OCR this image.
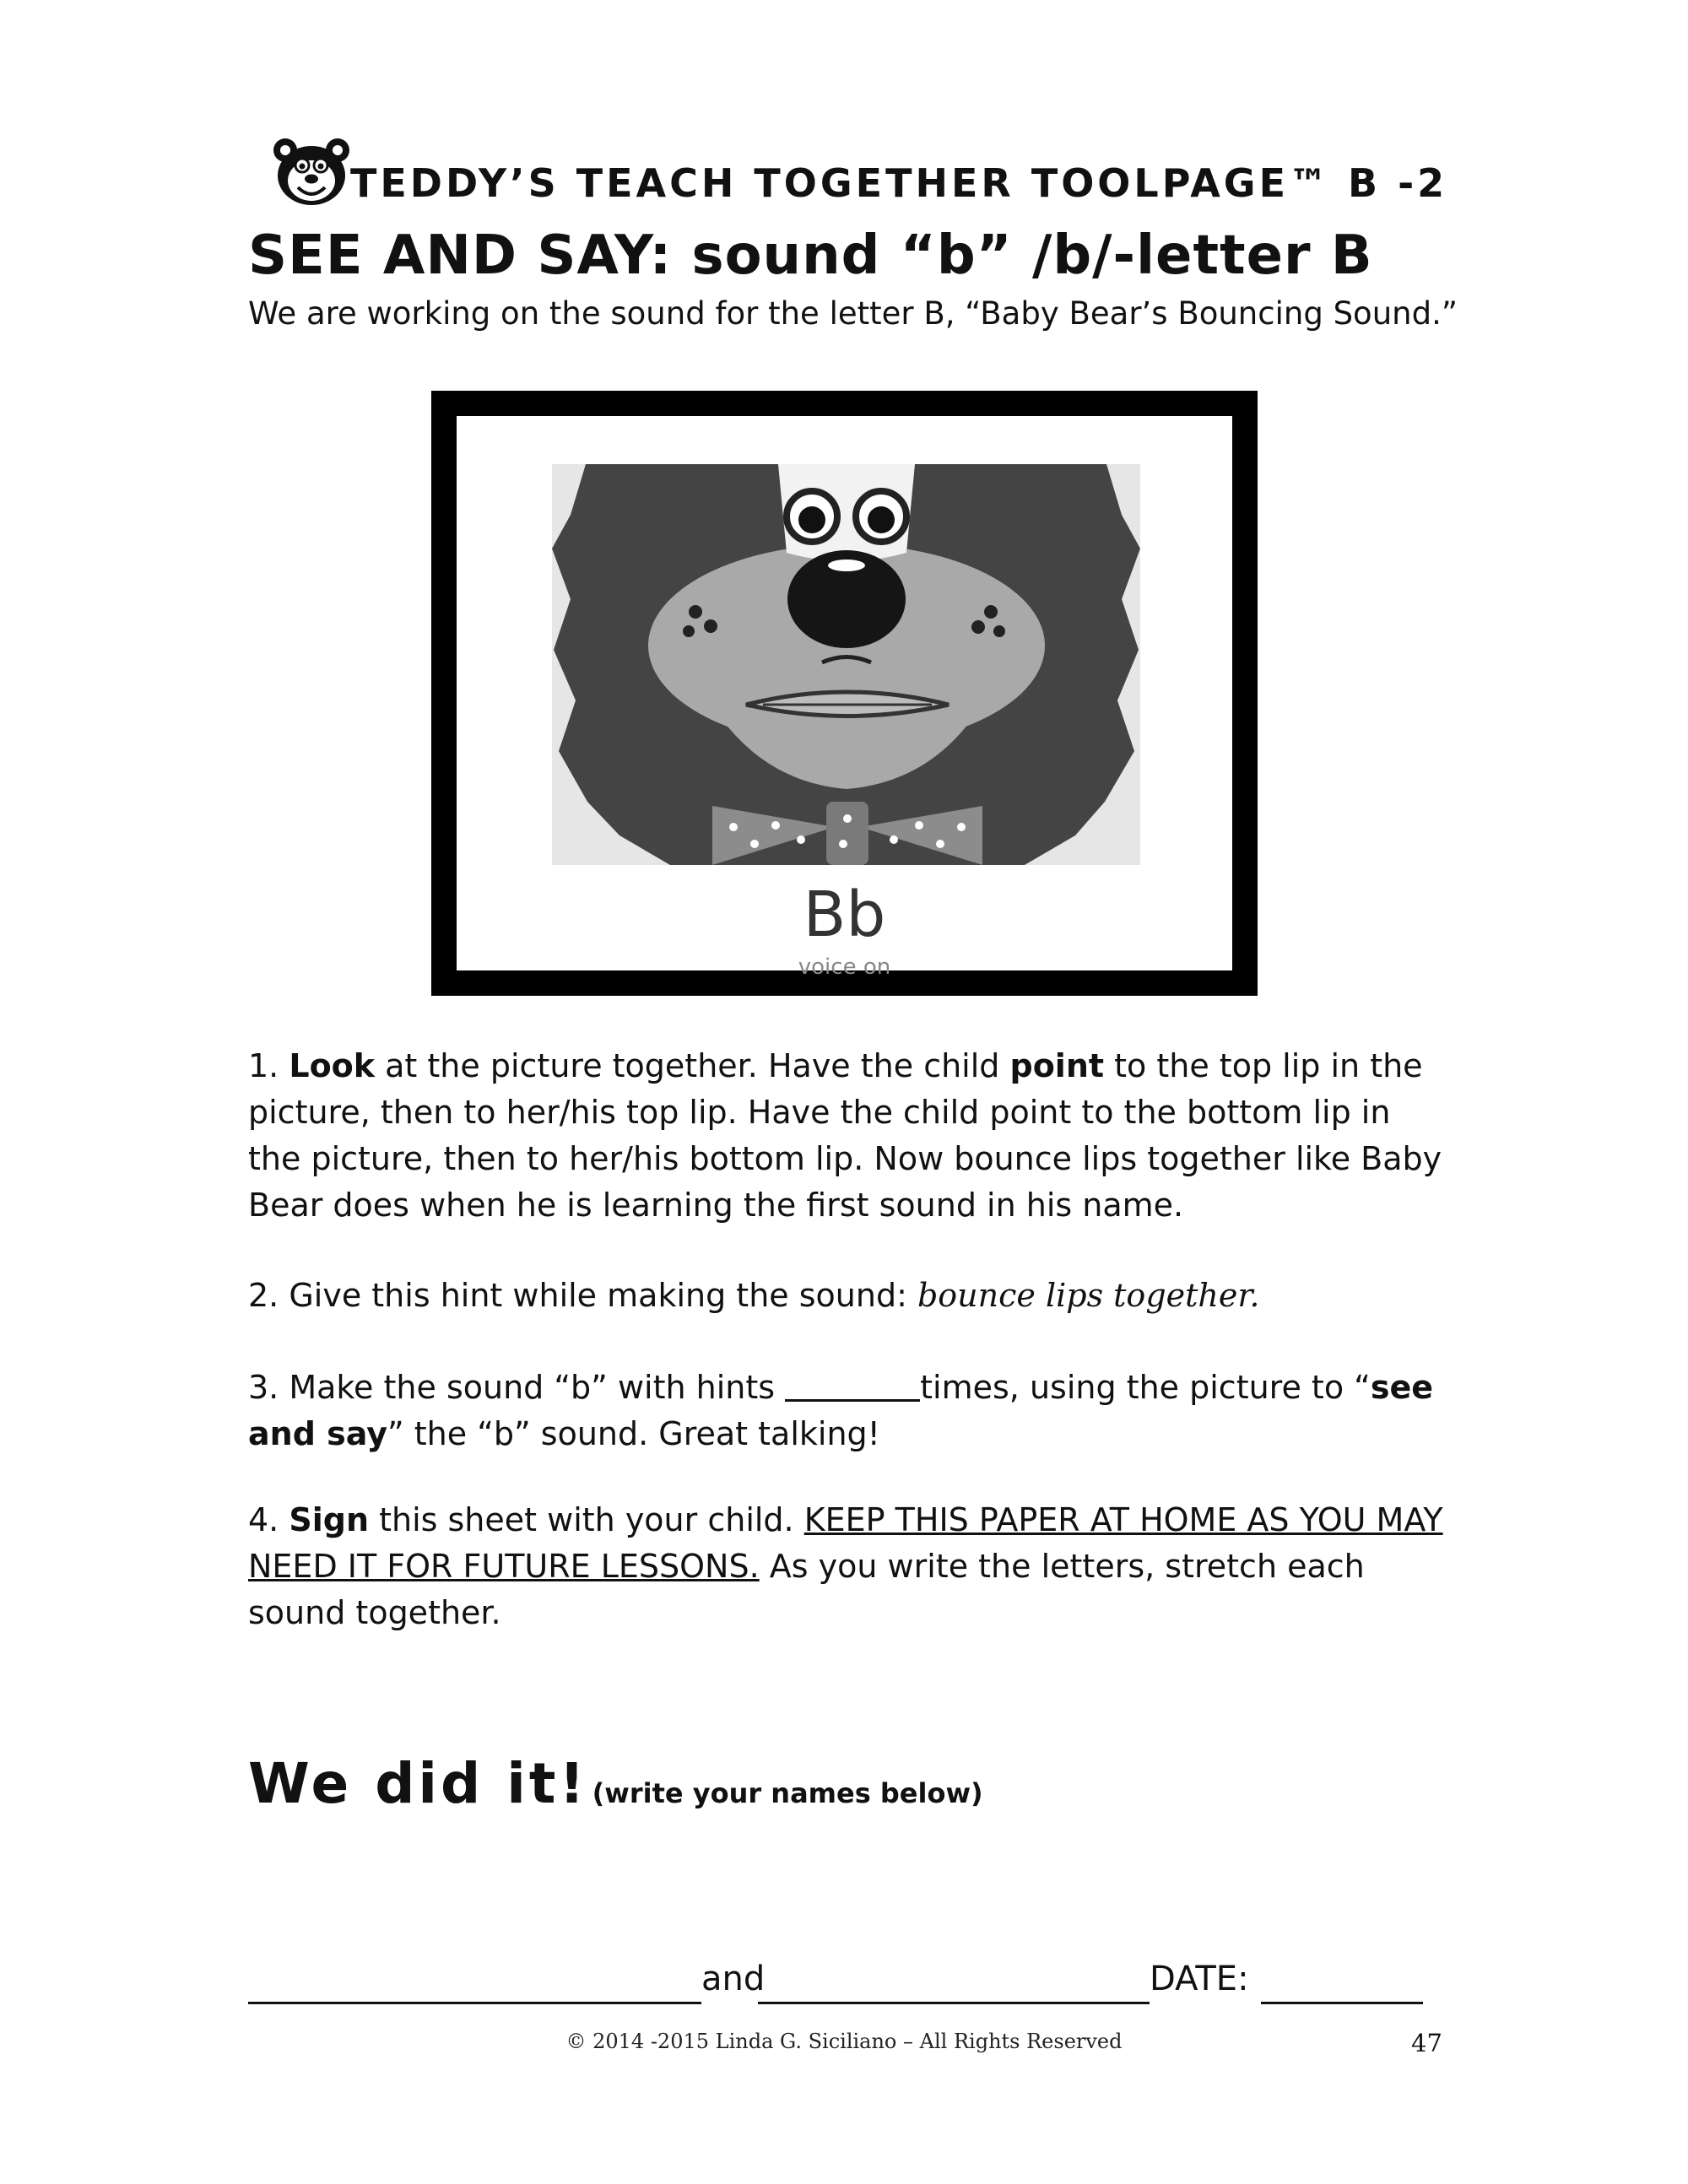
TEDDY’S TEACH TOGETHER TOOLPAGE™ B -2
SEE AND SAY: sound “b” /b/-letter B
We are working on the sound for the letter B, “Baby Bear’s Bouncing Sound.”
Bb
voice on
1. Look at the picture together. Have the child point to the top lip in the picture, then to her/his top lip. Have the child point to the bottom lip in the picture, then to her/his bottom lip. Now bounce lips together like Baby Bear does when he is learning the first sound in his name.
2. Give this hint while making the sound: bounce lips together.
3. Make the sound “b” with hints	times, using the picture to “see and say” the “b” sound. Great talking!
4. Sign this sheet with your child. KEEP THIS PAPER AT HOME AS YOU MAY NEED IT FOR FUTURE LESSONS. As you write the letters, stretch each sound together.
We did it! (write your names below)
and	DATE:
© 2014 -2015 Linda G. Siciliano – All Rights Reserved	47
